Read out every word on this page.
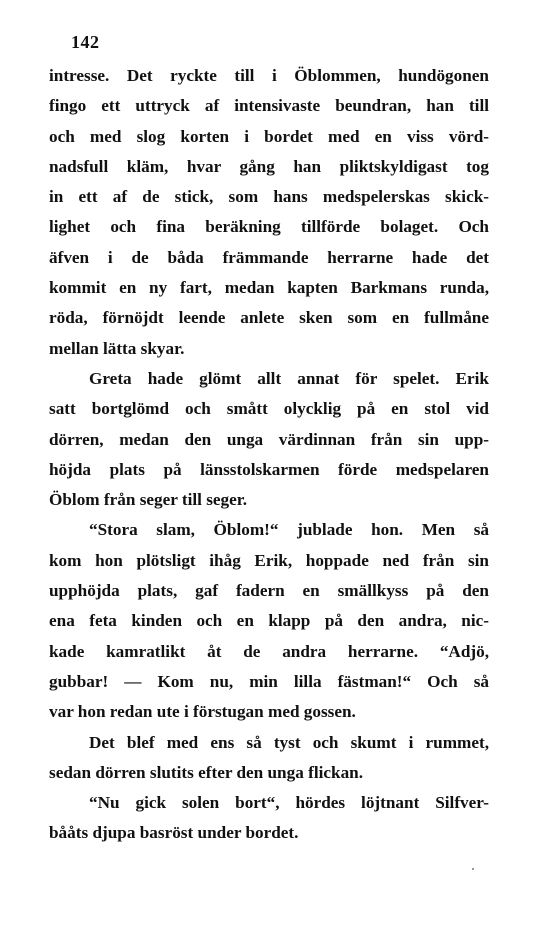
142
intresse. Det ryckte till i Öblommen, hundögonen
fingo ett uttryck af intensivaste beundran, han till
och med slog korten i bordet med en viss vörd-
nadsfull kläm, hvar gång han pliktskyldigast tog
in ett af de stick, som hans medspelerskas skick-
lighet och fina beräkning tillförde bolaget. Och
äfven i de båda främmande herrarne hade det
kommit en ny fart, medan kapten Barkmans runda,
röda, förnöjdt leende anlete sken som en fullmåne
mellan lätta skyar.
Greta hade glömt allt annat för spelet. Erik
satt bortglömd och smått olycklig på en stol vid
dörren, medan den unga värdinnan från sin upp-
höjda plats på länsstolskarmen förde medspelaren
Öblom från seger till seger.
“Stora slam, Öblom!“ jublade hon. Men så
kom hon plötsligt ihåg Erik, hoppade ned från sin
upphöjda plats, gaf fadern en smällkyss på den
ena feta kinden och en klapp på den andra, nic-
kade kamratlikt åt de andra herrarne. “Adjö,
gubbar! — Kom nu, min lilla fästman!“ Och så
var hon redan ute i förstugan med gossen.
Det blef med ens så tyst och skumt i rummet,
sedan dörren slutits efter den unga flickan.
“Nu gick solen bort“, hördes löjtnant Silfver-
bååts djupa basröst under bordet.
